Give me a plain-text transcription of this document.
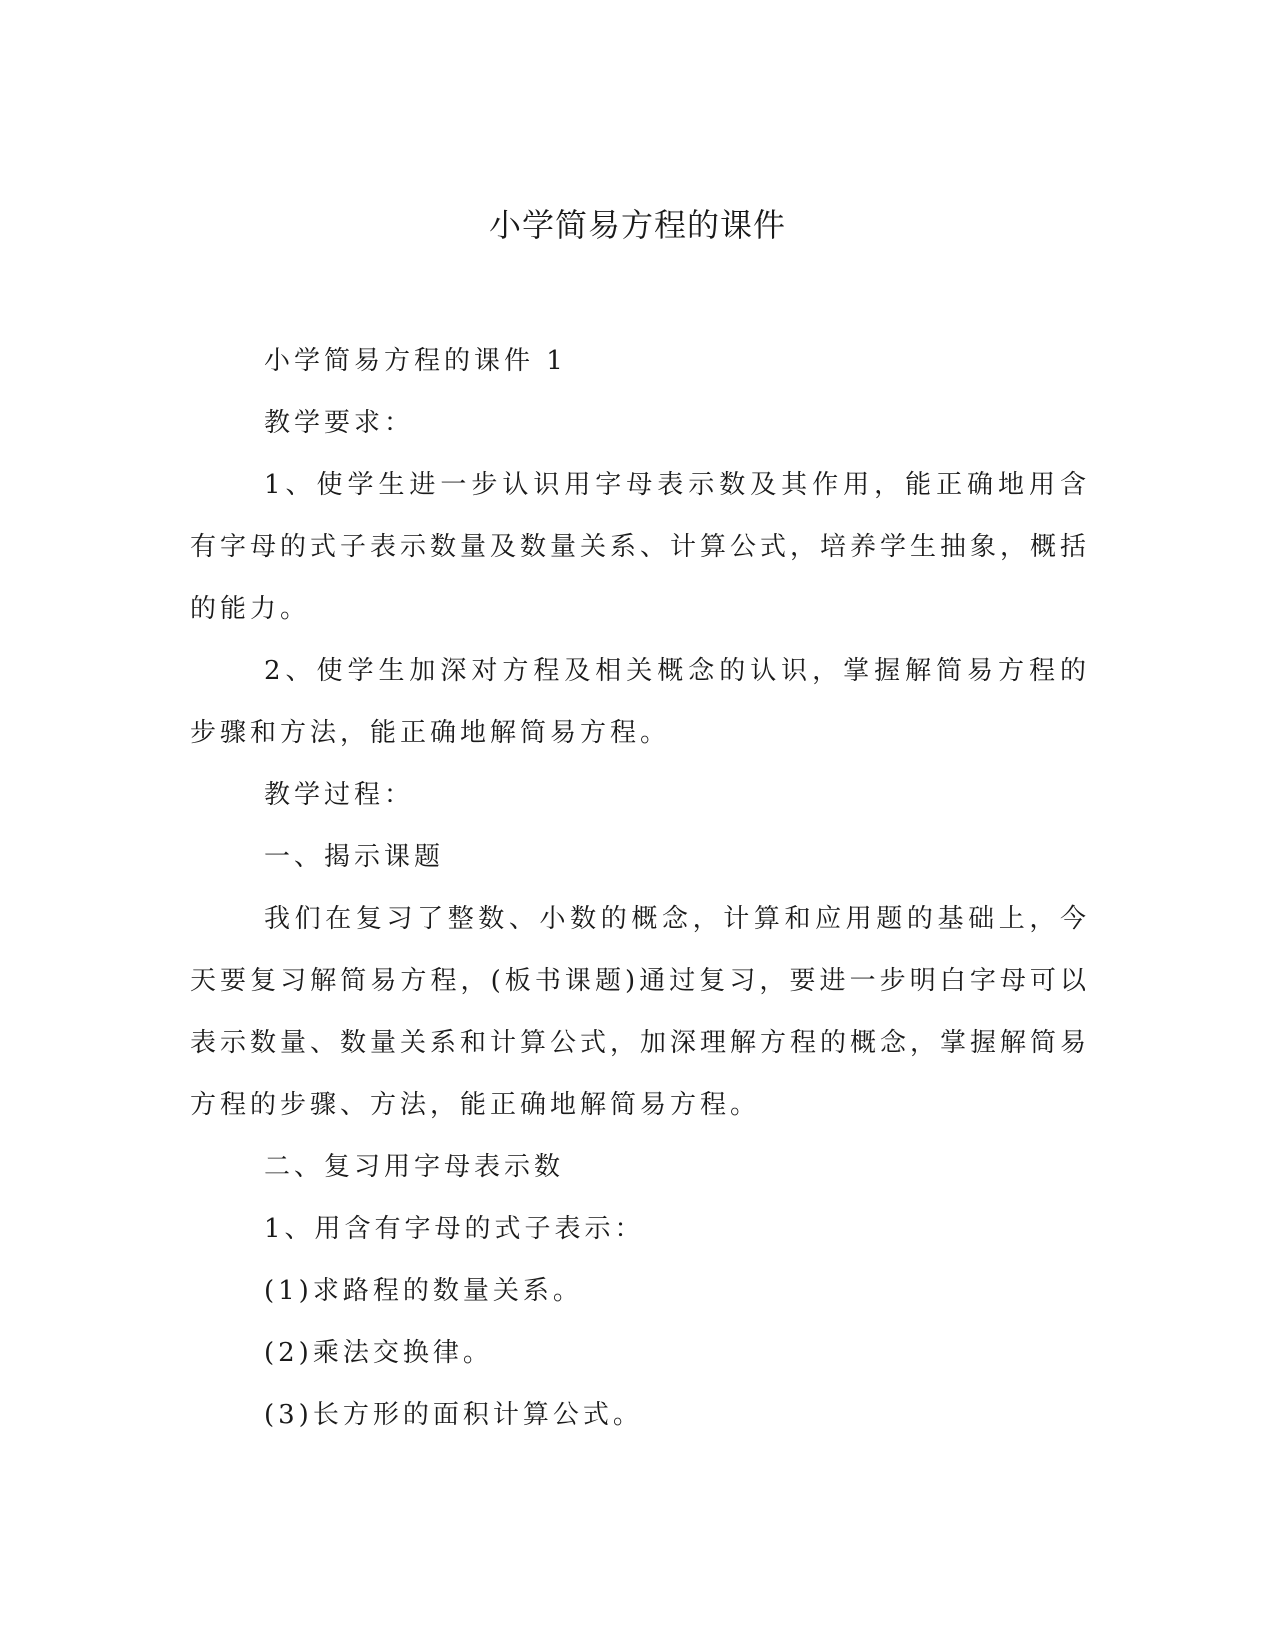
小学简易方程的课件

小学简易方程的课件 1

教学要求：

1、使学生进一步认识用字母表示数及其作用，能正确地用含有字母的式子表示数量及数量关系、计算公式，培养学生抽象，概括的能力。

2、使学生加深对方程及相关概念的认识，掌握解简易方程的步骤和方法，能正确地解简易方程。

教学过程：

一、揭示课题

我们在复习了整数、小数的概念，计算和应用题的基础上，今天要复习解简易方程，(板书课题)通过复习，要进一步明白字母可以表示数量、数量关系和计算公式，加深理解方程的概念，掌握解简易方程的步骤、方法，能正确地解简易方程。

二、复习用字母表示数

1、用含有字母的式子表示：

(1)求路程的数量关系。

(2)乘法交换律。

(3)长方形的面积计算公式。
